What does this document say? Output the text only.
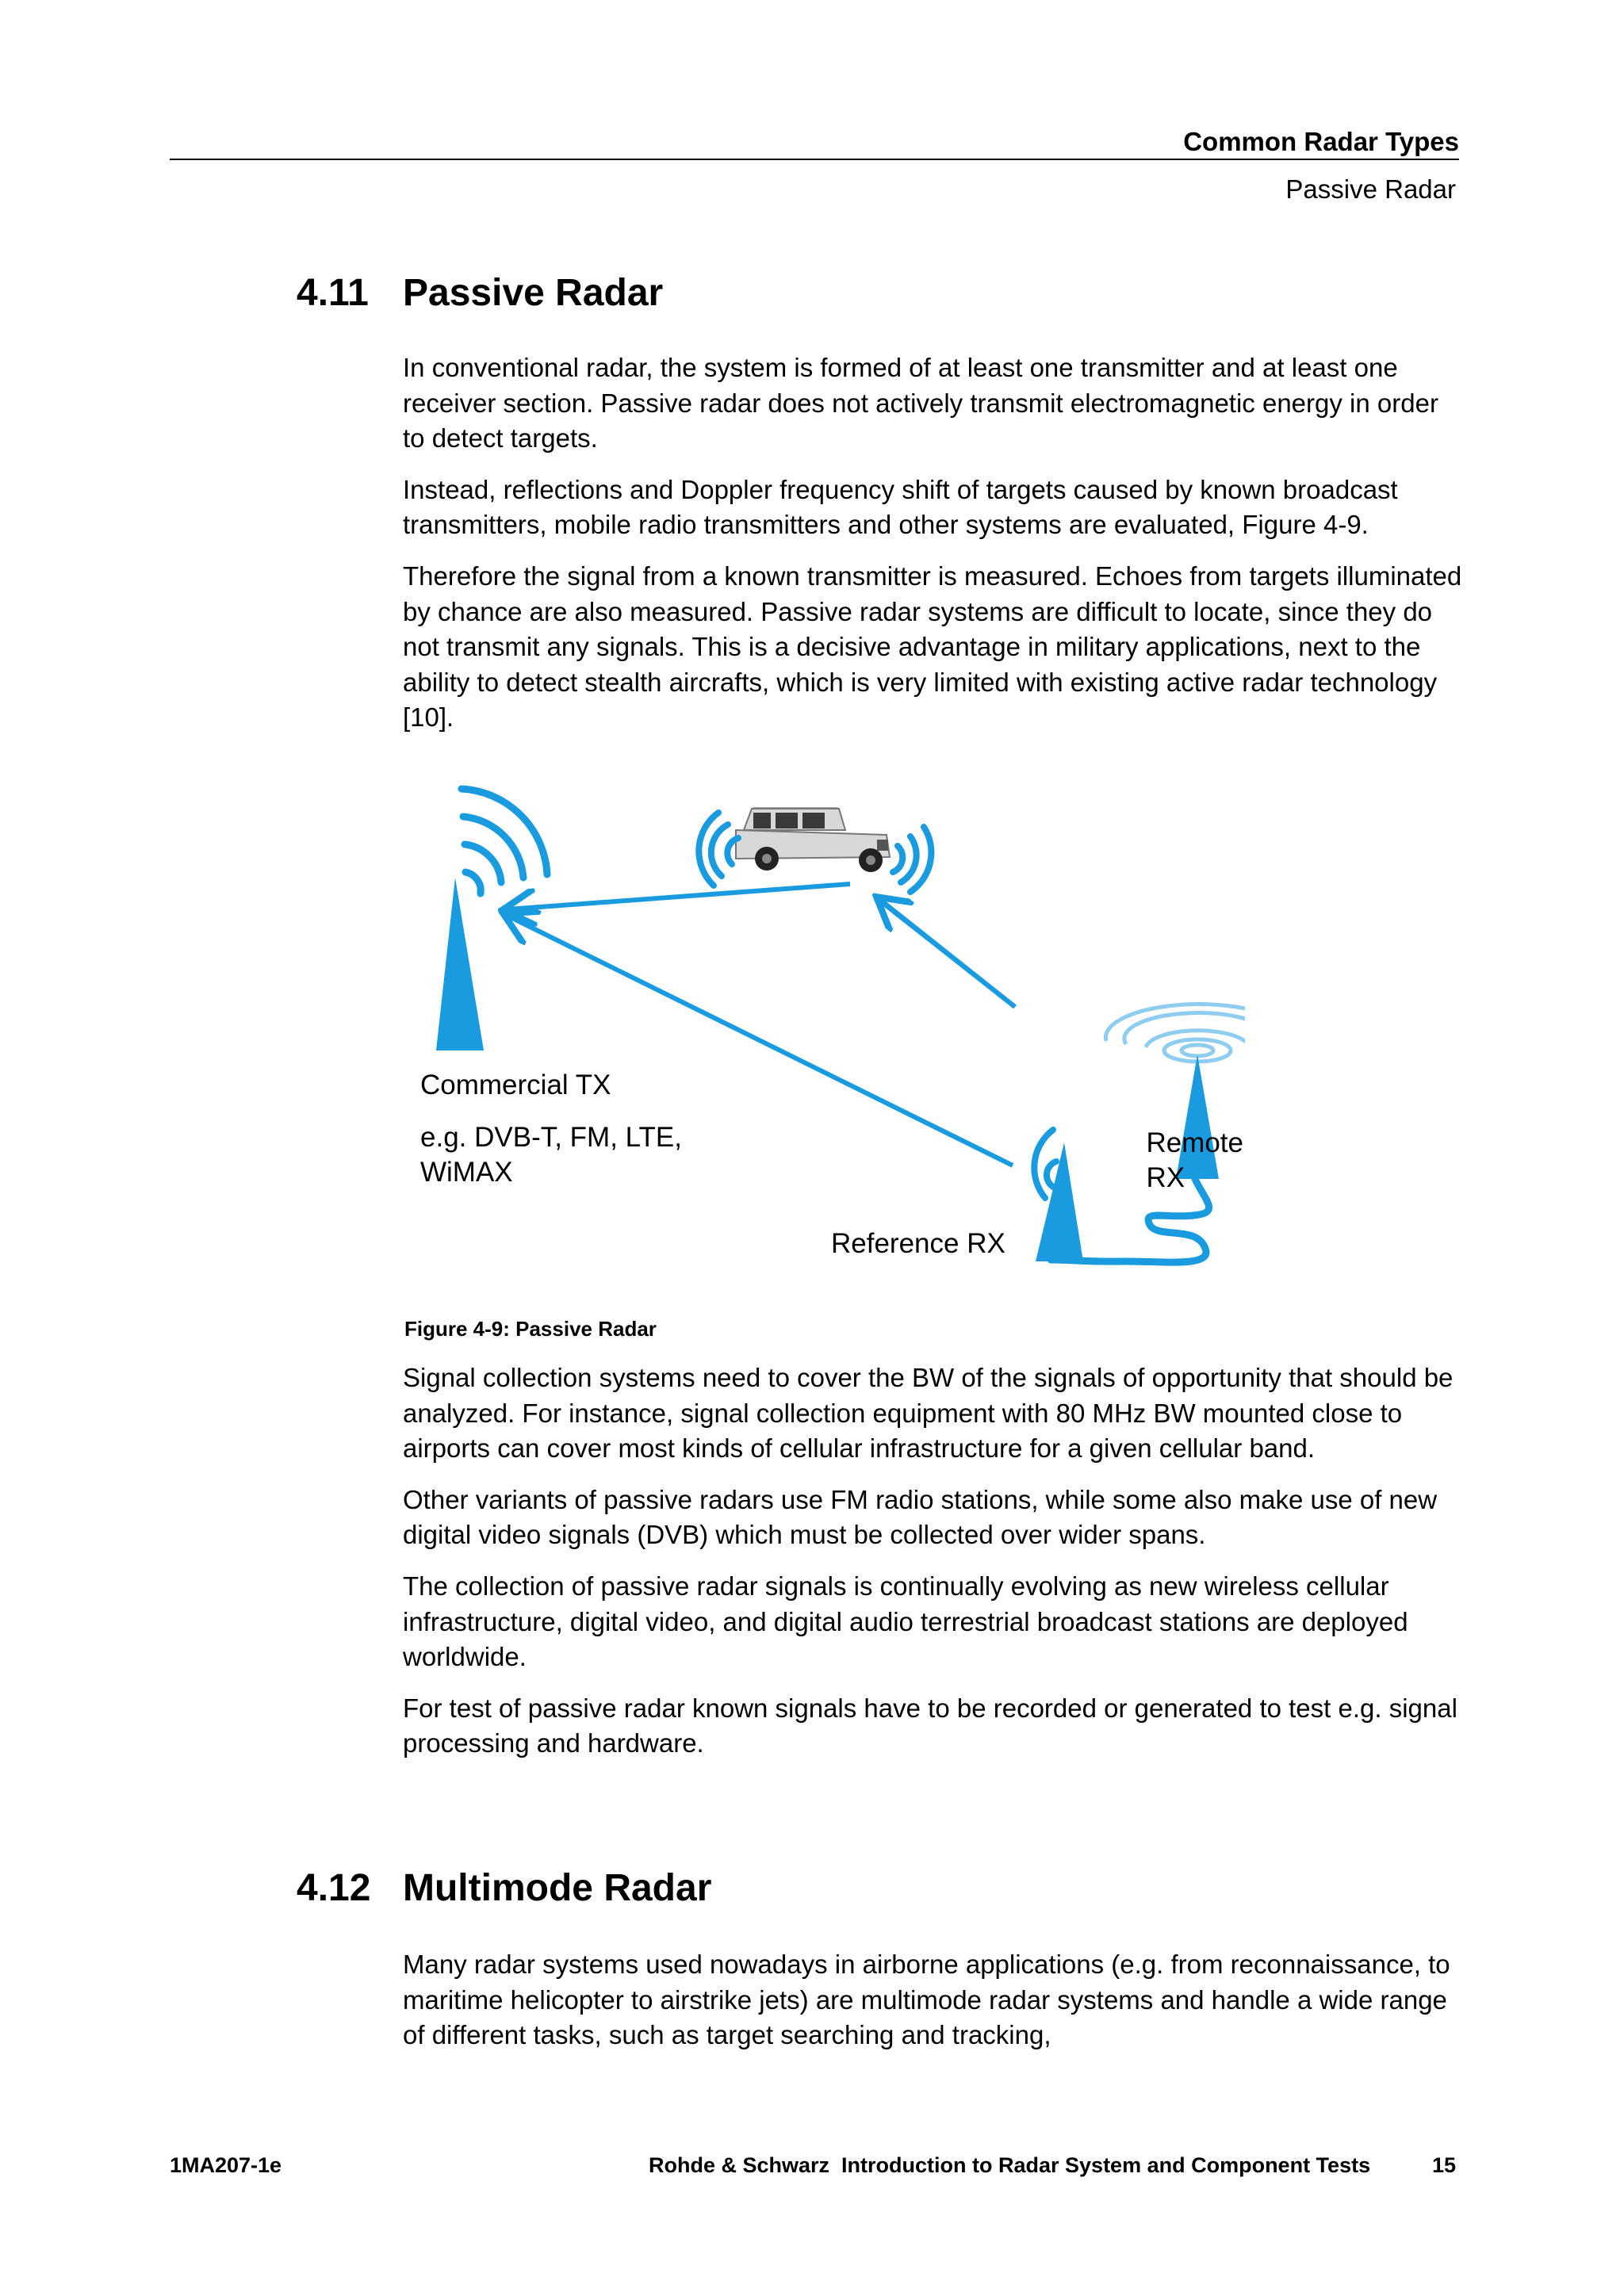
Common Radar Types
Passive Radar
4.11 Passive Radar

In conventional radar, the system is formed of at least one transmitter and at least one receiver section. Passive radar does not actively transmit electromagnetic energy in order to detect targets.

Instead, reflections and Doppler frequency shift of targets caused by known broadcast transmitters, mobile radio transmitters and other systems are evaluated, Figure 4-9.

Therefore the signal from a known transmitter is measured. Echoes from targets illuminated by chance are also measured. Passive radar systems are difficult to locate, since they do not transmit any signals. This is a decisive advantage in military applications, next to the ability to detect stealth aircrafts, which is very limited with existing active radar technology [10].

Commercial TX
e.g. DVB-T, FM, LTE,
WiMAX
Remote RX
Reference RX
Figure 4-9: Passive Radar

Signal collection systems need to cover the BW of the signals of opportunity that should be analyzed. For instance, signal collection equipment with 80 MHz BW mounted close to airports can cover most kinds of cellular infrastructure for a given cellular band.

Other variants of passive radars use FM radio stations, while some also make use of new digital video signals (DVB) which must be collected over wider spans.

The collection of passive radar signals is continually evolving as new wireless cellular infrastructure, digital video, and digital audio terrestrial broadcast stations are deployed worldwide.

For test of passive radar known signals have to be recorded or generated to test e.g. signal processing and hardware.

4.12 Multimode Radar

Many radar systems used nowadays in airborne applications (e.g. from reconnaissance, to maritime helicopter to airstrike jets) are multimode radar systems and handle a wide range of different tasks, such as target searching and tracking,

1MA207-1e	Rohde & Schwarz  Introduction to Radar System and Component Tests	15
